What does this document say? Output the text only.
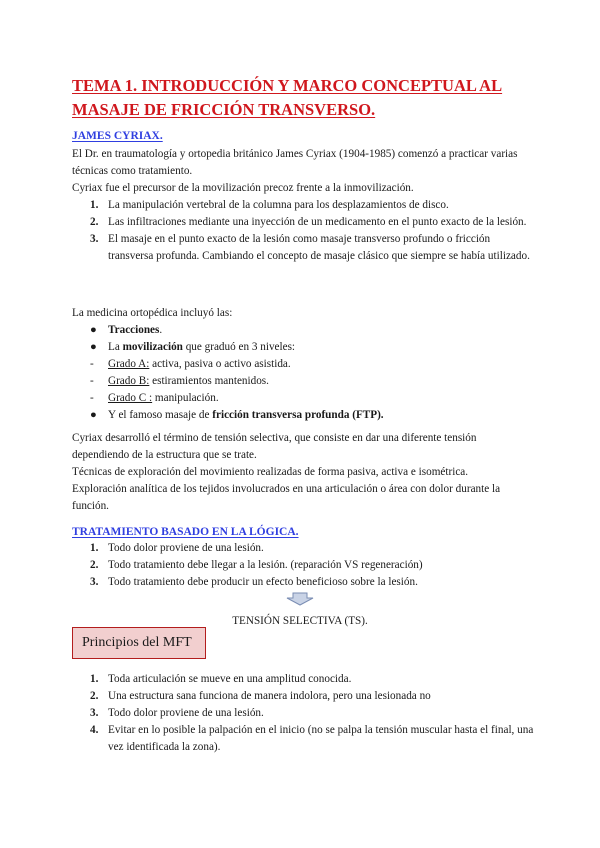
TEMA 1. INTRODUCCIÓN Y MARCO CONCEPTUAL AL MASAJE DE FRICCIÓN TRANSVERSO.
JAMES CYRIAX.

El Dr. en traumatología y ortopedia británico James Cyriax (1904-1985) comenzó a practicar varias técnicas como tratamiento.

Cyriax fue el precursor de la movilización precoz frente a la inmovilización.

1. La manipulación vertebral de la columna para los desplazamientos de disco.
2. Las infiltraciones mediante una inyección de un medicamento en el punto exacto de la lesión.
3. El masaje en el punto exacto de la lesión como masaje transverso profundo o fricción transversa profunda. Cambiando el concepto de masaje clásico que siempre se había utilizado.

La medicina ortopédica incluyó las:

● Tracciones.
● La movilización que graduó en 3 niveles:
- Grado A: activa, pasiva o activo asistida.
- Grado B: estiramientos mantenidos.
- Grado C : manipulación.
● Y el famoso masaje de fricción transversa profunda (FTP).

Cyriax desarrolló el término de tensión selectiva, que consiste en dar una diferente tensión dependiendo de la estructura que se trate.

Técnicas de exploración del movimiento realizadas de forma pasiva, activa e isométrica.

Exploración analítica de los tejidos involucrados en una articulación o área con dolor durante la función.

TRATAMIENTO BASADO EN LA LÓGICA.
1. Todo dolor proviene de una lesión.
2. Todo tratamiento debe llegar a la lesión. (reparación VS regeneración)
3. Todo tratamiento debe producir un efecto beneficioso sobre la lesión.
TENSIÓN SELECTIVA (TS).
Principios del MFT
1. Toda articulación se mueve en una amplitud conocida.
2. Una estructura sana funciona de manera indolora, pero una lesionada no
3. Todo dolor proviene de una lesión.
4. Evitar en lo posible la palpación en el inicio (no se palpa la tensión muscular hasta el final, una vez identificada la zona).
